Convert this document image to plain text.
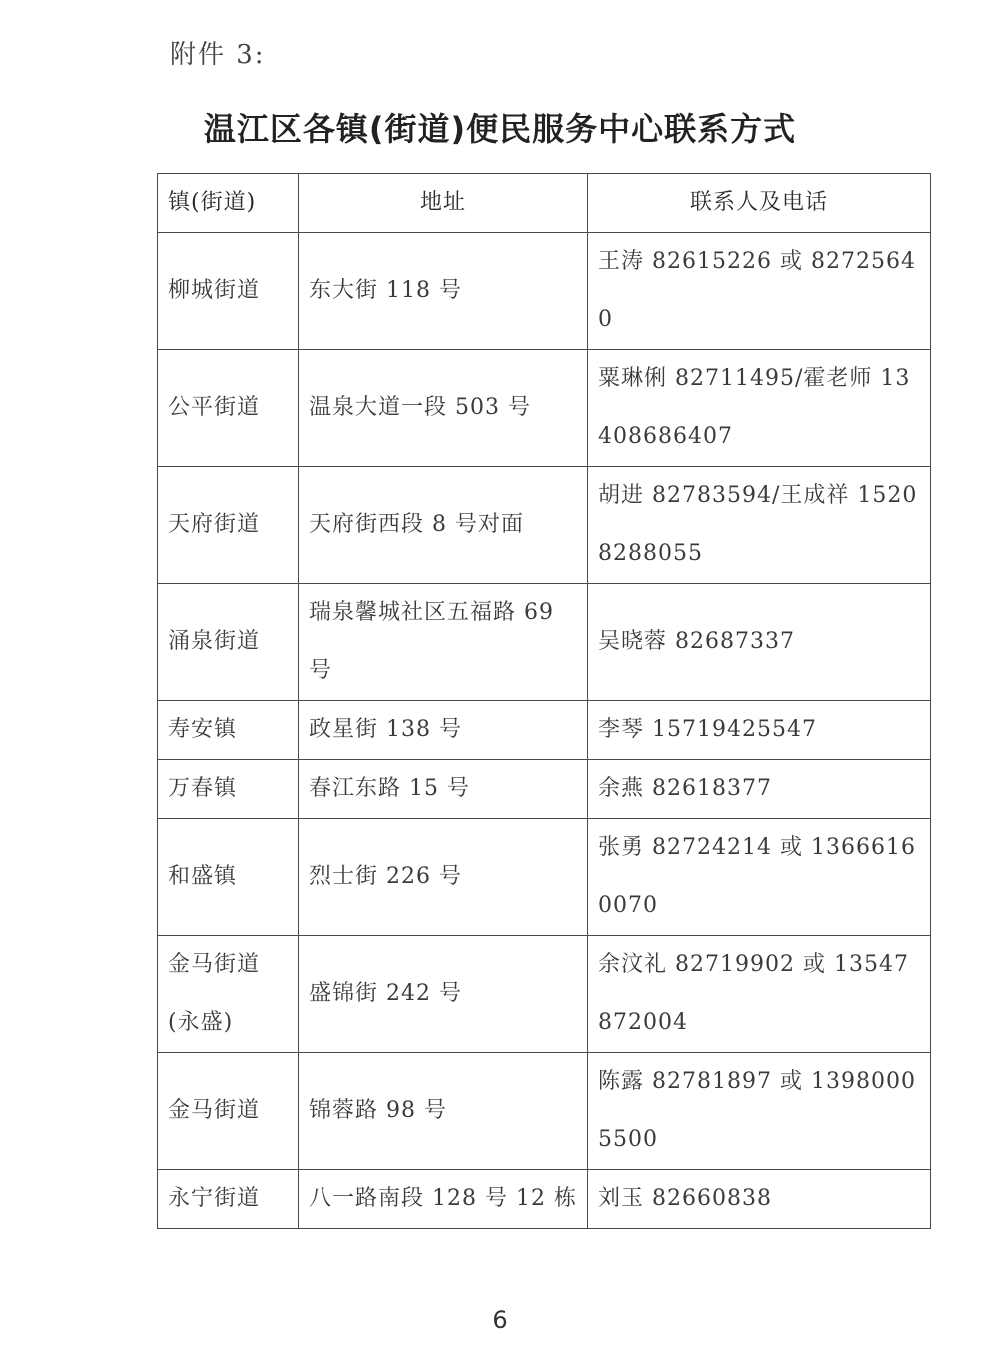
附件 3:
温江区各镇(街道)便民服务中心联系方式
镇(街道)	地址	联系人及电话
柳城街道	东大街 118 号	王涛 82615226 或 82725640
公平街道	温泉大道一段 503 号	粟琳俐 82711495/霍老师 13408686407
天府街道	天府街西段 8 号对面	胡进 82783594/王成祥 15208288055
涌泉街道	瑞泉馨城社区五福路 69 号	吴晓蓉 82687337
寿安镇	政星街 138 号	李琴 15719425547
万春镇	春江东路 15 号	余燕 82618377
和盛镇	烈士街 226 号	张勇 82724214 或 13666160070
金马街道(永盛)	盛锦街 242 号	余汶礼 82719902 或 13547872004
金马街道	锦蓉路 98 号	陈露 82781897 或 13980005500
永宁街道	八一路南段 128 号 12 栋	刘玉 82660838
6
